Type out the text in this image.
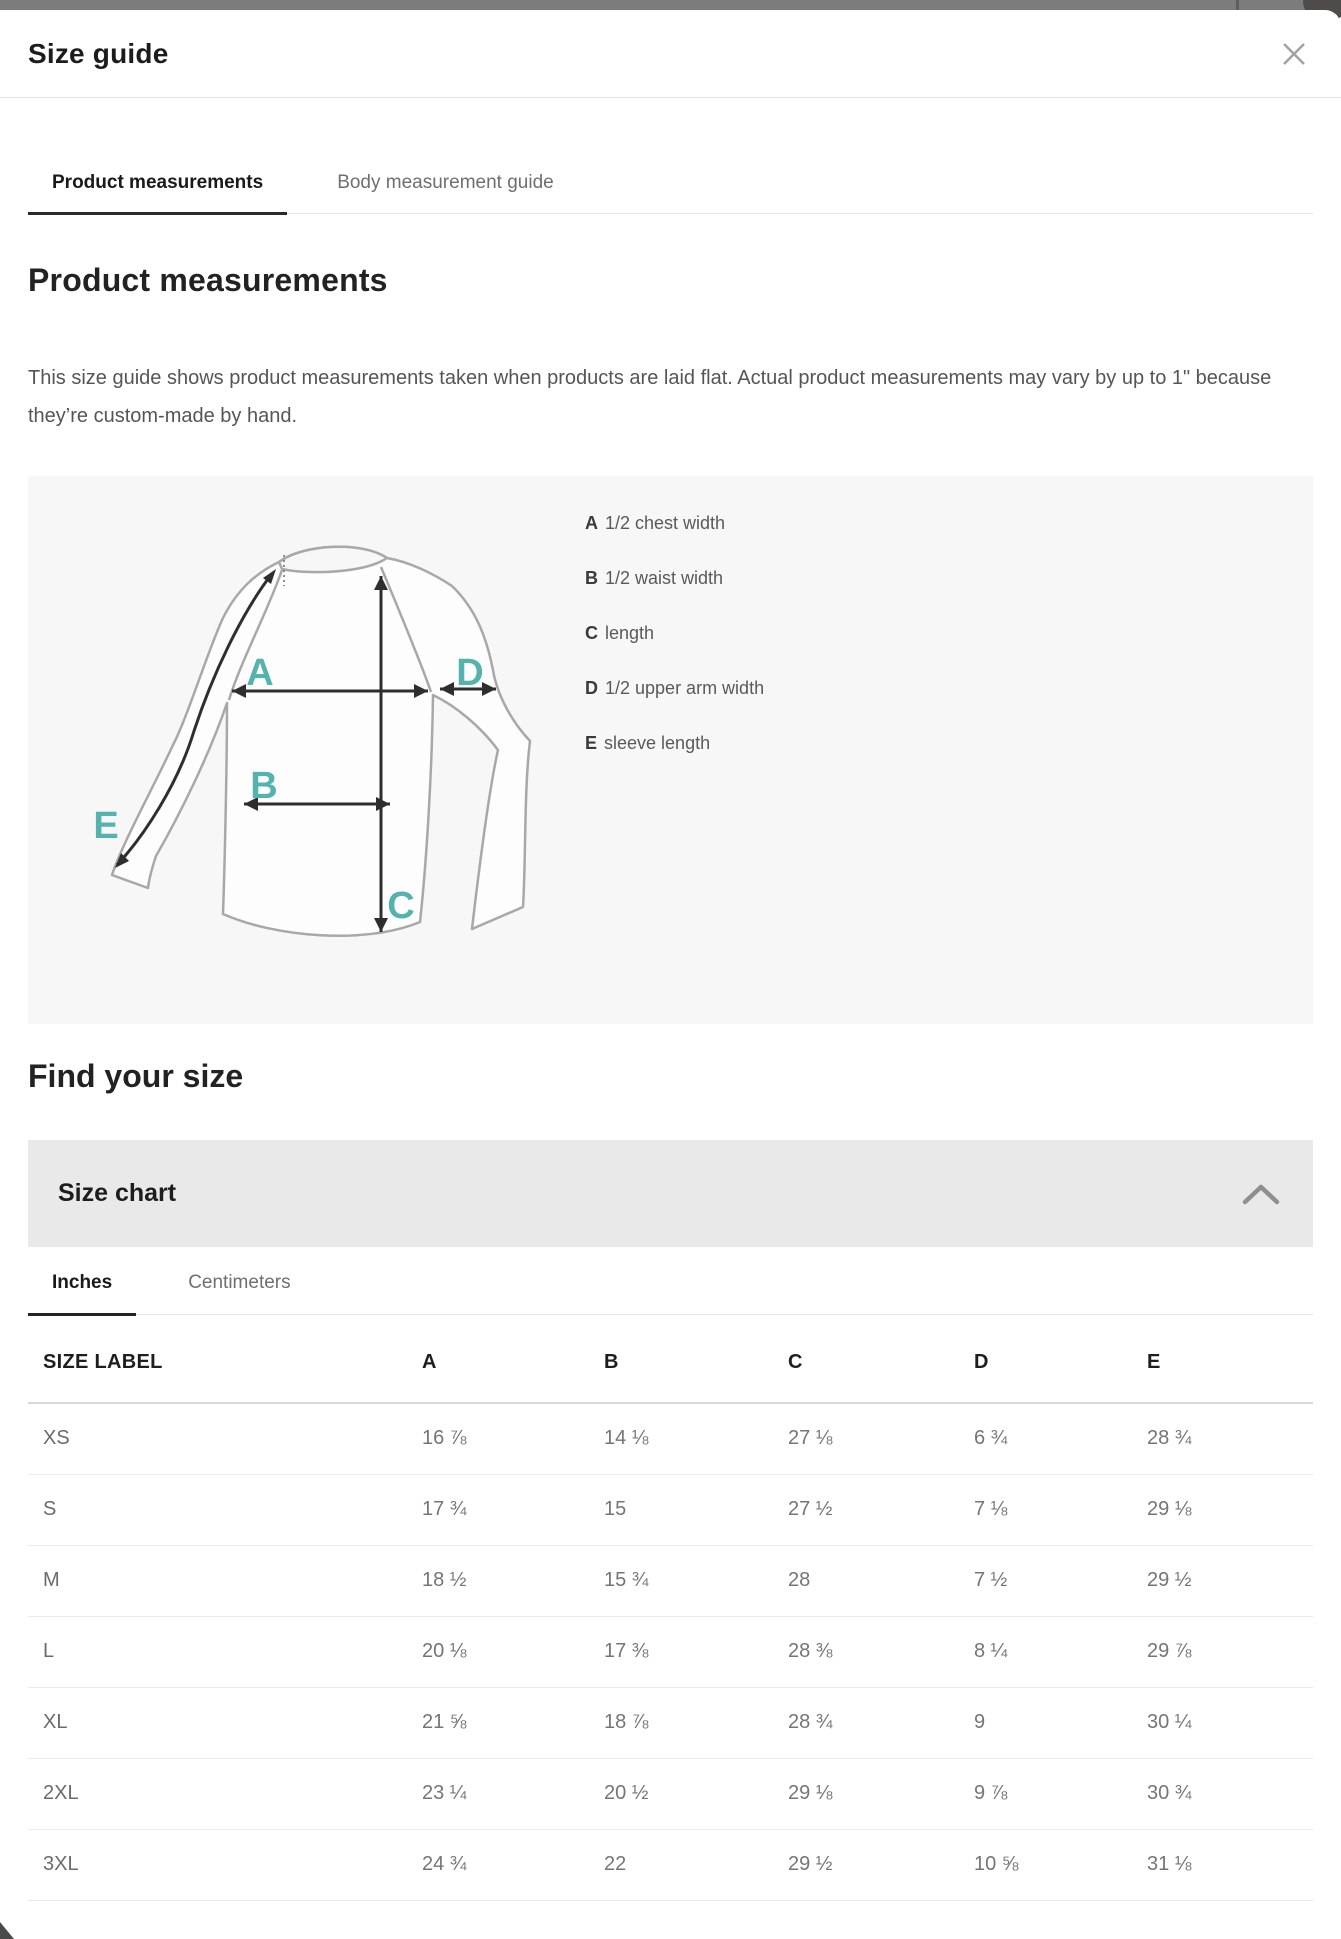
Size guide
Product measurements	Body measurement guide
Product measurements

This size guide shows product measurements taken when products are laid flat. Actual product measurements may vary by up to 1" because they’re custom-made by hand.

A
B
C
D
E
A 1/2 chest width
B 1/2 waist width
C length
D 1/2 upper arm width
E sleeve length
Find your size
Size chart
Inches	Centimeters
SIZE LABEL	A	B	C	D	E
XS	16 ⅞	14 ⅛	27 ⅛	6 ¾	28 ¾
S	17 ¾	15	27 ½	7 ⅛	29 ⅛
M	18 ½	15 ¾	28	7 ½	29 ½
L	20 ⅛	17 ⅜	28 ⅜	8 ¼	29 ⅞
XL	21 ⅝	18 ⅞	28 ¾	9	30 ¼
2XL	23 ¼	20 ½	29 ⅛	9 ⅞	30 ¾
3XL	24 ¾	22	29 ½	10 ⅝	31 ⅛
